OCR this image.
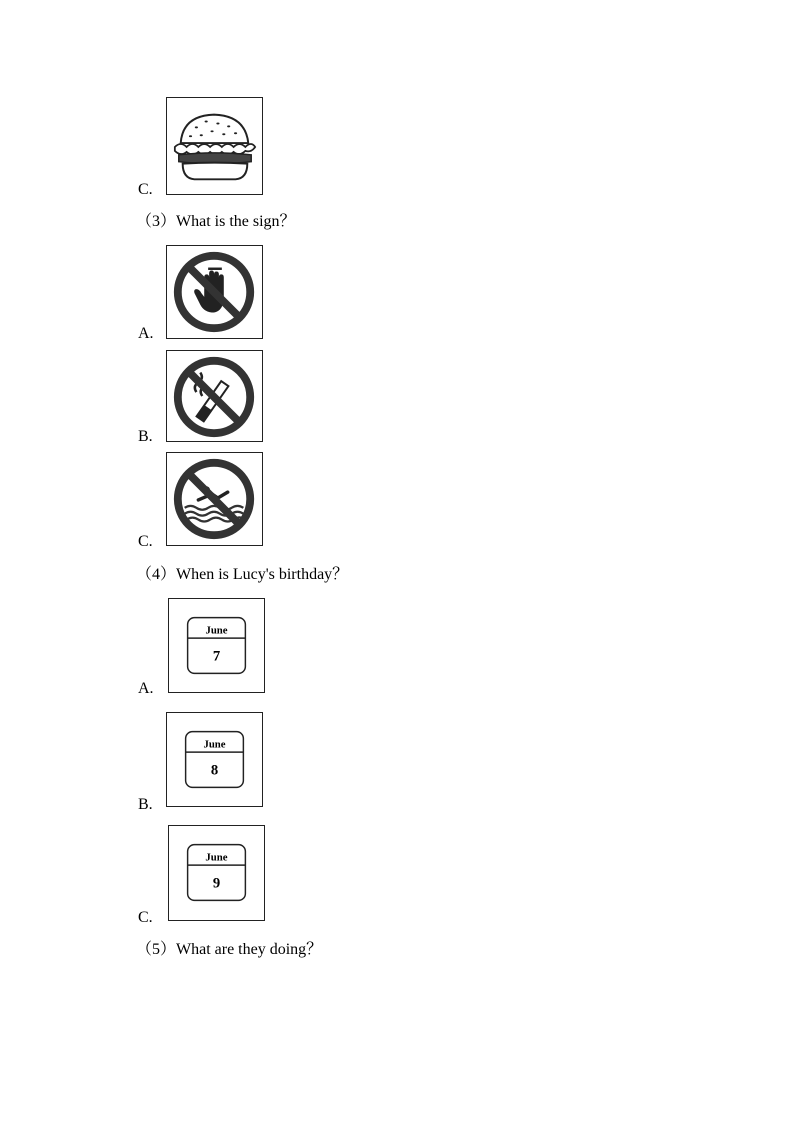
C.
（3）What is the sign？
A.
B.
C.
（4）When is Lucy's birthday？
A.
June
7
B.
June
8
C.
June
9
（5）What are they doing？
